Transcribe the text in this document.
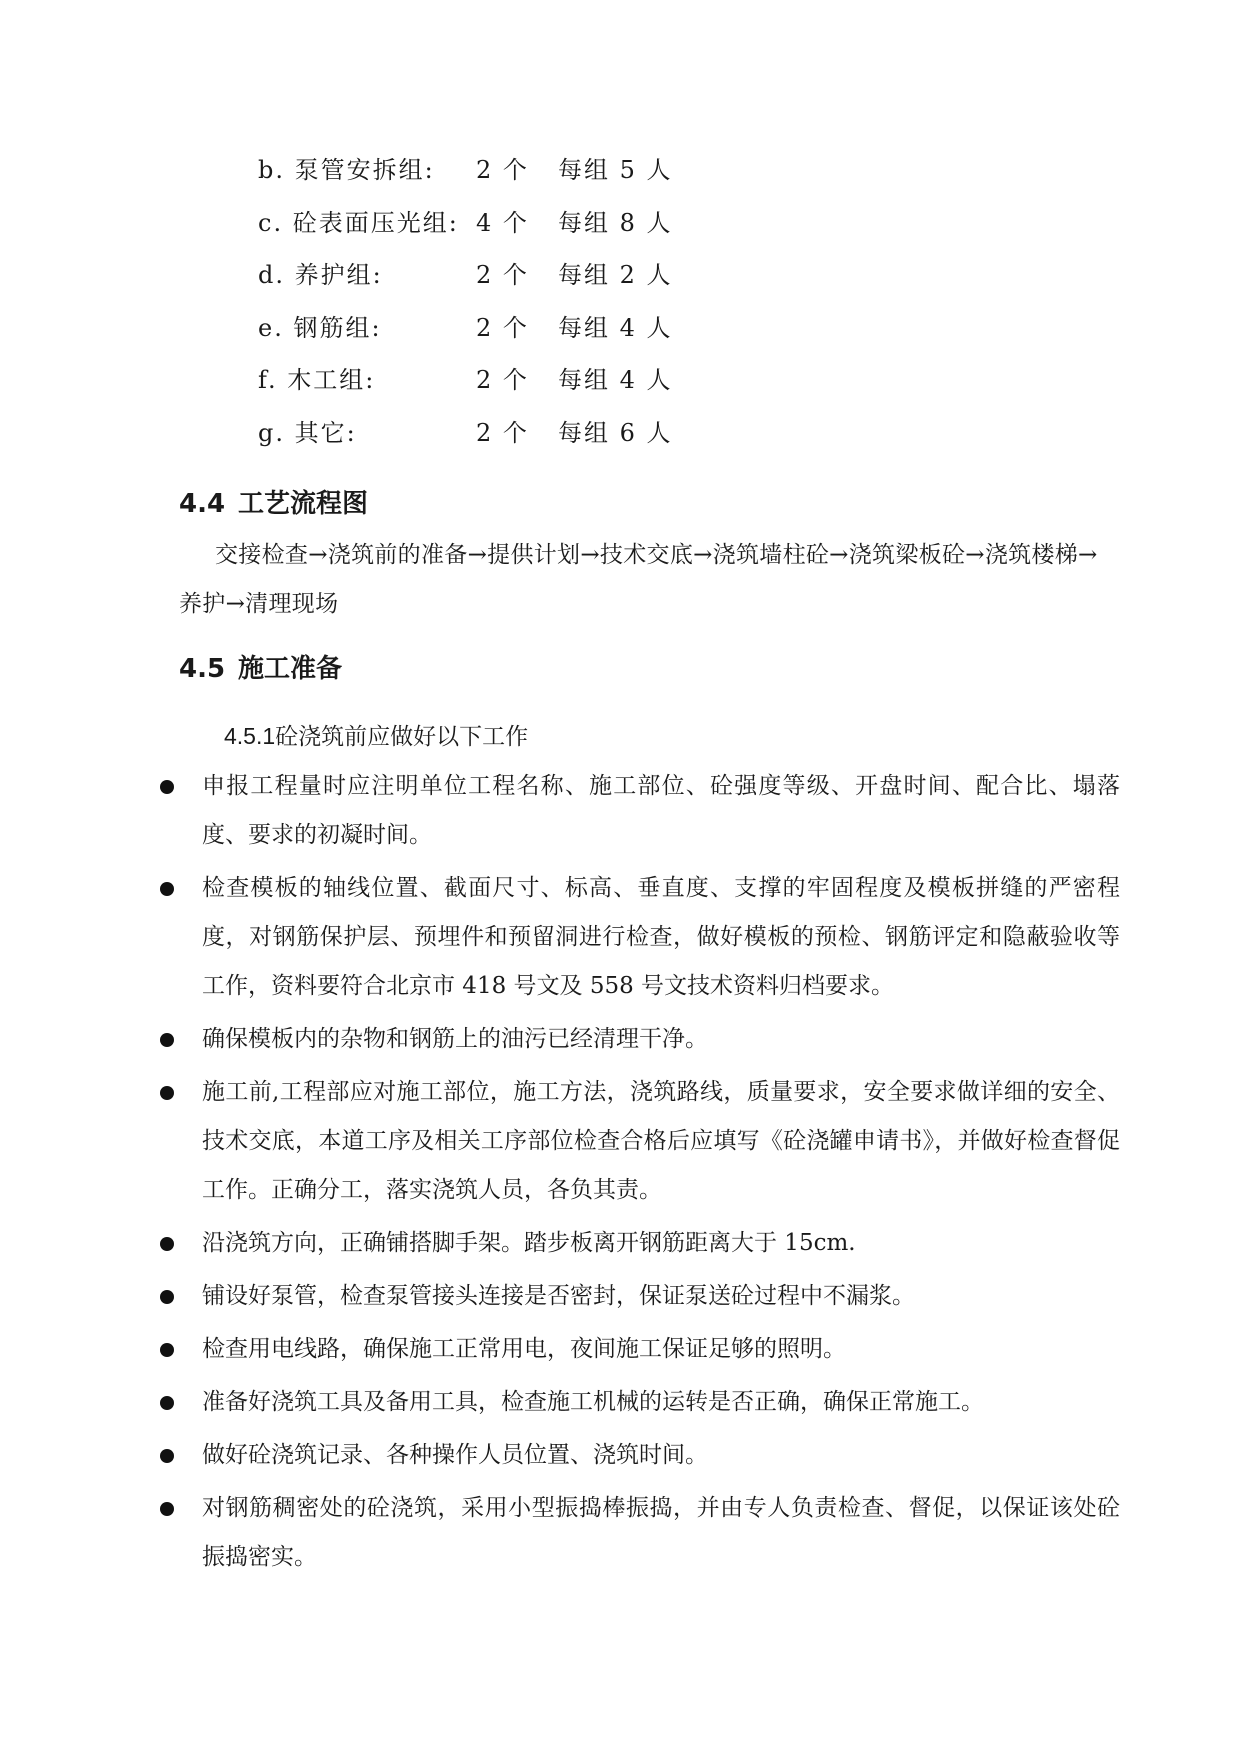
b. 泵管安拆组:	2 个	每组 5 人
c. 砼表面压光组: 4 个	每组 8 人
d. 养护组:	2 个	每组 2 人
e. 钢筋组:	2 个	每组 4 人
f. 木工组:	2 个	每组 4 人
g. 其它:	2 个	每组 6 人
4.4 工艺流程图
交接检查→浇筑前的准备→提供计划→技术交底→浇筑墙柱砼→浇筑梁板砼→浇筑楼梯→养护→清理现场
4.5 施工准备
4.5.1砼浇筑前应做好以下工作
申报工程量时应注明单位工程名称、施工部位、砼强度等级、开盘时间、配合比、塌落度、要求的初凝时间。
检查模板的轴线位置、截面尺寸、标高、垂直度、支撑的牢固程度及模板拼缝的严密程度，对钢筋保护层、预埋件和预留洞进行检查，做好模板的预检、钢筋评定和隐蔽验收等工作，资料要符合北京市 418 号文及 558 号文技术资料归档要求。
确保模板内的杂物和钢筋上的油污已经清理干净。
施工前,工程部应对施工部位，施工方法，浇筑路线，质量要求，安全要求做详细的安全、技术交底，本道工序及相关工序部位检查合格后应填写《砼浇罐申请书》，并做好检查督促工作。正确分工，落实浇筑人员，各负其责。
沿浇筑方向，正确铺搭脚手架。踏步板离开钢筋距离大于 15cm.
铺设好泵管，检查泵管接头连接是否密封，保证泵送砼过程中不漏浆。
检查用电线路，确保施工正常用电，夜间施工保证足够的照明。
准备好浇筑工具及备用工具，检查施工机械的运转是否正确，确保正常施工。
做好砼浇筑记录、各种操作人员位置、浇筑时间。
对钢筋稠密处的砼浇筑，采用小型振捣棒振捣，并由专人负责检查、督促，以保证该处砼振捣密实。
